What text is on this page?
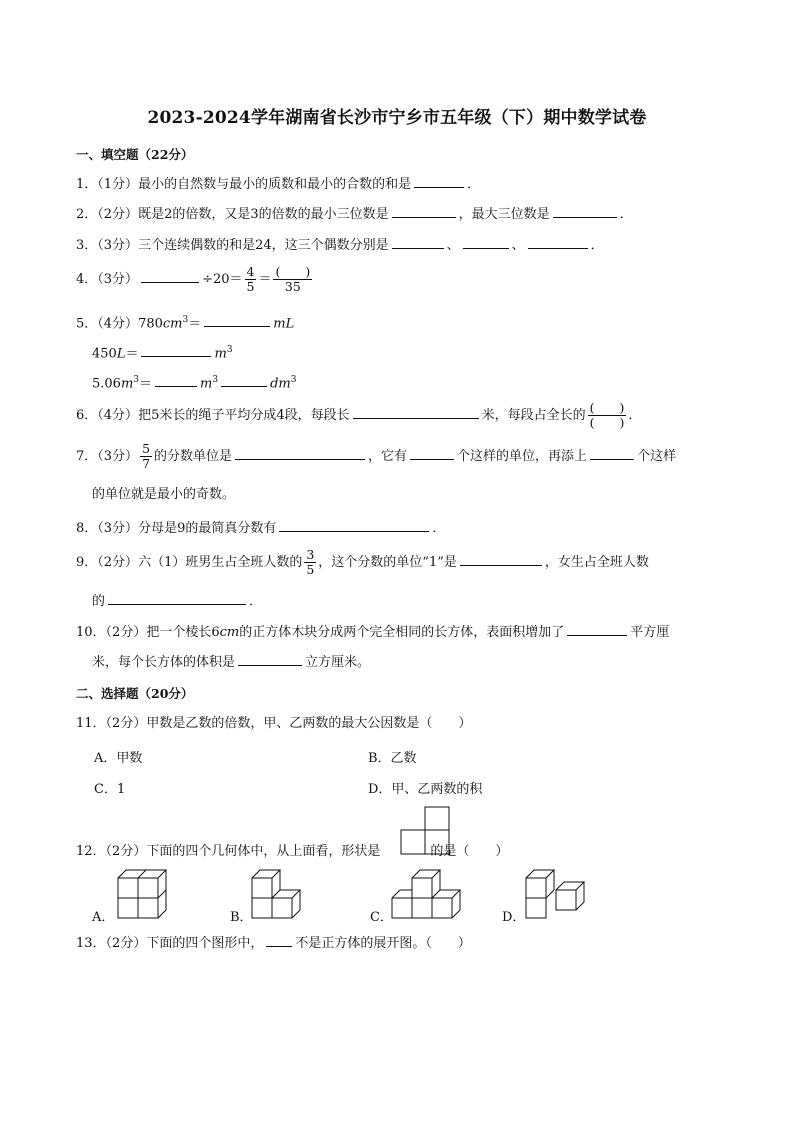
2023-2024学年湖南省长沙市宁乡市五年级（下）期中数学试卷
一、填空题（22分）
1．（1分）最小的自然数与最小的质数和最小的合数的和是	．
2．（2分）既是2的倍数，又是3的倍数的最小三位数是	，最大三位数是	．
3．（3分）三个连续偶数的和是24，这三个偶数分别是	、	、	．
4．（3分）	$\div 20= \frac{4}{5} = \frac{( )}{35}$
5．（4分）$780cm^3=$	mL
450L＝	$m^3$
$5.06m^3=$	$m^3$	$dm^3$
6．（4分）把5米长的绳子平均分成4段，每段长	米，每段占全长的 $\frac{( )}{( )}$ ．
7．（3分） $\frac{5}{7}$ 的分数单位是	，它有	个这样的单位，再添上	个这样
的单位就是最小的奇数。
8．（3分）分母是9的最简真分数有	．
9．（2分）六（1）班男生占全班人数的 $\frac{3}{5}$ ，这个分数的单位“1”是	，女生占全班人数
的	．
10．（2分）把一个棱长6cm的正方体木块分成两个完全相同的长方体，表面积增加了	平方厘
米，每个长方体的体积是	立方厘米。
二、选择题（20分）
11．（2分）甲数是乙数的倍数，甲、乙两数的最大公因数是（　　）
A．甲数	B．乙数
C．1	D．甲、乙两数的积
12．（2分）下面的四个几何体中，从上面看，形状是	的是（　　）
A．	B．	C．	D．
13．（2分）下面的四个图形中， 不是正方体的展开图。（　　）
